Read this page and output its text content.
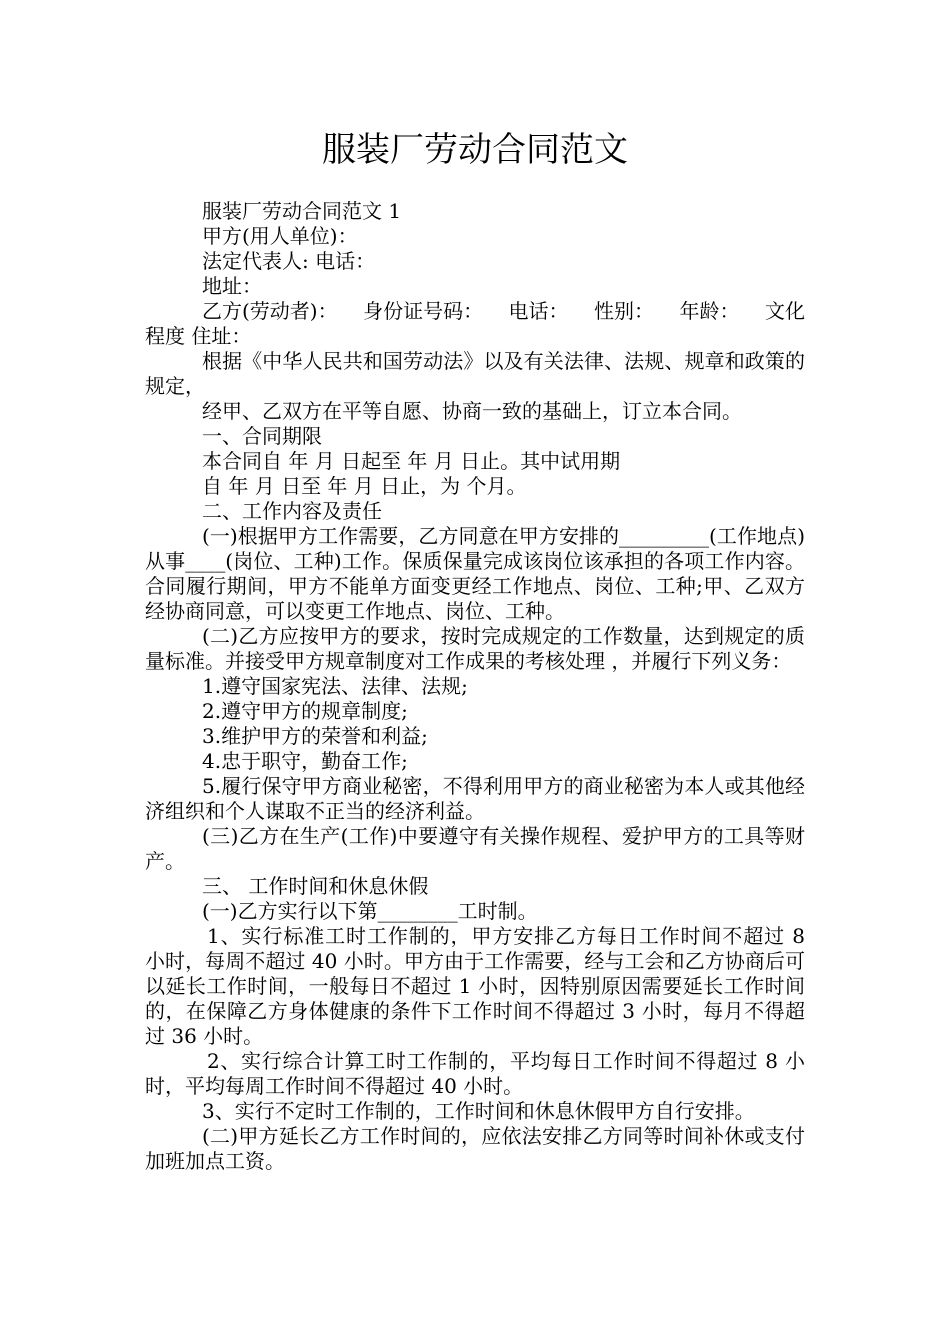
服装厂劳动合同范文
服装厂劳动合同范文 1
甲方(用人单位)：
法定代表人: 电话：
地址：
乙方(劳动者)： 身份证号码： 电话： 性别： 年龄： 文化
程度 住址：
根据《中华人民共和国劳动法》以及有关法律、法规、规章和政策的规定，
经甲、乙双方在平等自愿、协商一致的基础上，订立本合同。
一、合同期限
本合同自 年 月 日起至 年 月 日止。其中试用期
自 年 月 日至 年 月 日止，为 个月。
二、工作内容及责任
(一)根据甲方工作需要，乙方同意在甲方安排的_________(工作地点)从事____(岗位、工种)工作。保质保量完成该岗位该承担的各项工作内容。合同履行期间，甲方不能单方面变更经工作地点、岗位、工种;甲、乙双方经协商同意，可以变更工作地点、岗位、工种。
(二)乙方应按甲方的要求，按时完成规定的工作数量，达到规定的质量标准。并接受甲方规章制度对工作成果的考核处理 ，并履行下列义务：
1.遵守国家宪法、法律、法规;
2.遵守甲方的规章制度;
3.维护甲方的荣誉和利益;
4.忠于职守，勤奋工作;
5.履行保守甲方商业秘密，不得利用甲方的商业秘密为本人或其他经济组织和个人谋取不正当的经济利益。
(三)乙方在生产(工作)中要遵守有关操作规程、爱护甲方的工具等财产。
三、 工作时间和休息休假
(一)乙方实行以下第________工时制。
1、实行标准工时工作制的，甲方安排乙方每日工作时间不超过 8 小时，每周不超过 40 小时。甲方由于工作需要，经与工会和乙方协商后可以延长工作时间，一般每日不超过 1 小时，因特别原因需要延长工作时间的，在保障乙方身体健康的条件下工作时间不得超过 3 小时，每月不得超过 36 小时。
2、实行综合计算工时工作制的，平均每日工作时间不得超过 8 小时，平均每周工作时间不得超过 40 小时。
3、实行不定时工作制的，工作时间和休息休假甲方自行安排。
(二)甲方延长乙方工作时间的，应依法安排乙方同等时间补休或支付加班加点工资。
